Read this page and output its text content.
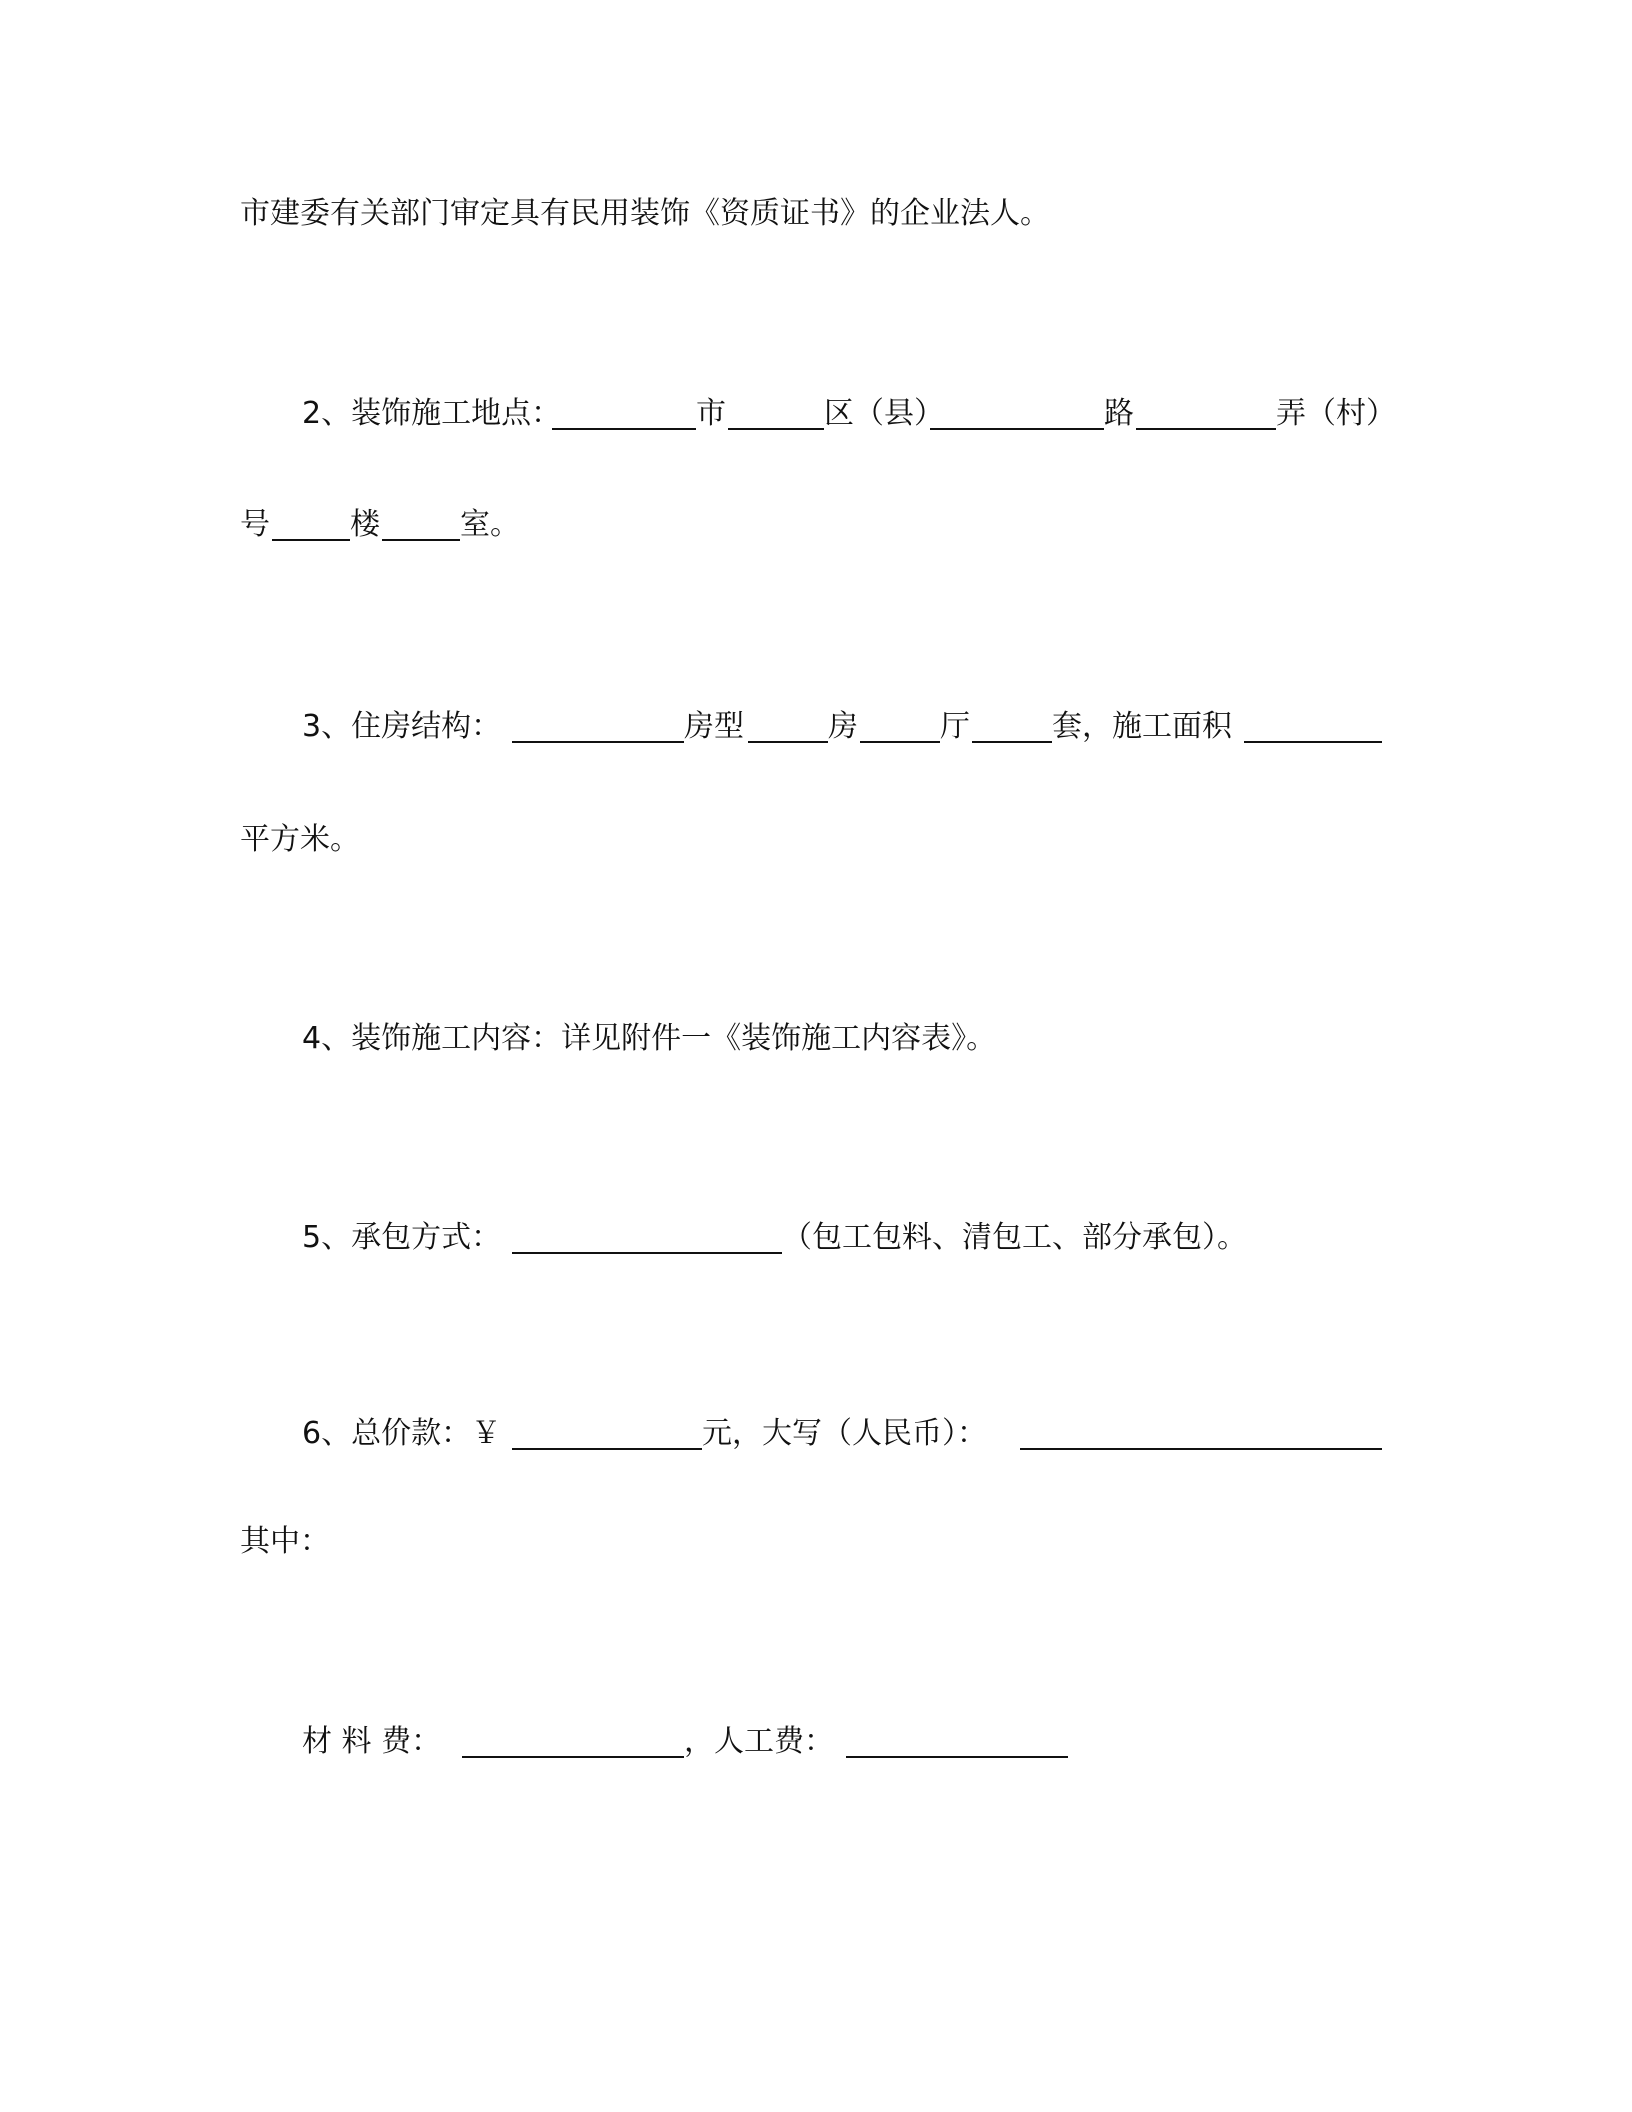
市建委有关部门审定具有民用装饰《资质证书》的企业法人。
2、装饰施工地点：	市	区（县）	路	弄（村）
号	楼	室。
3、住房结构：	房型	房	厅	套，施工面积
平方米。
4、装饰施工内容：详见附件一《装饰施工内容表》。
5、承包方式：	（包工包料、清包工、部分承包）。
6、总价款：￥	元，大写（人民币）：
其中：
材 料 费：	，人工费：
